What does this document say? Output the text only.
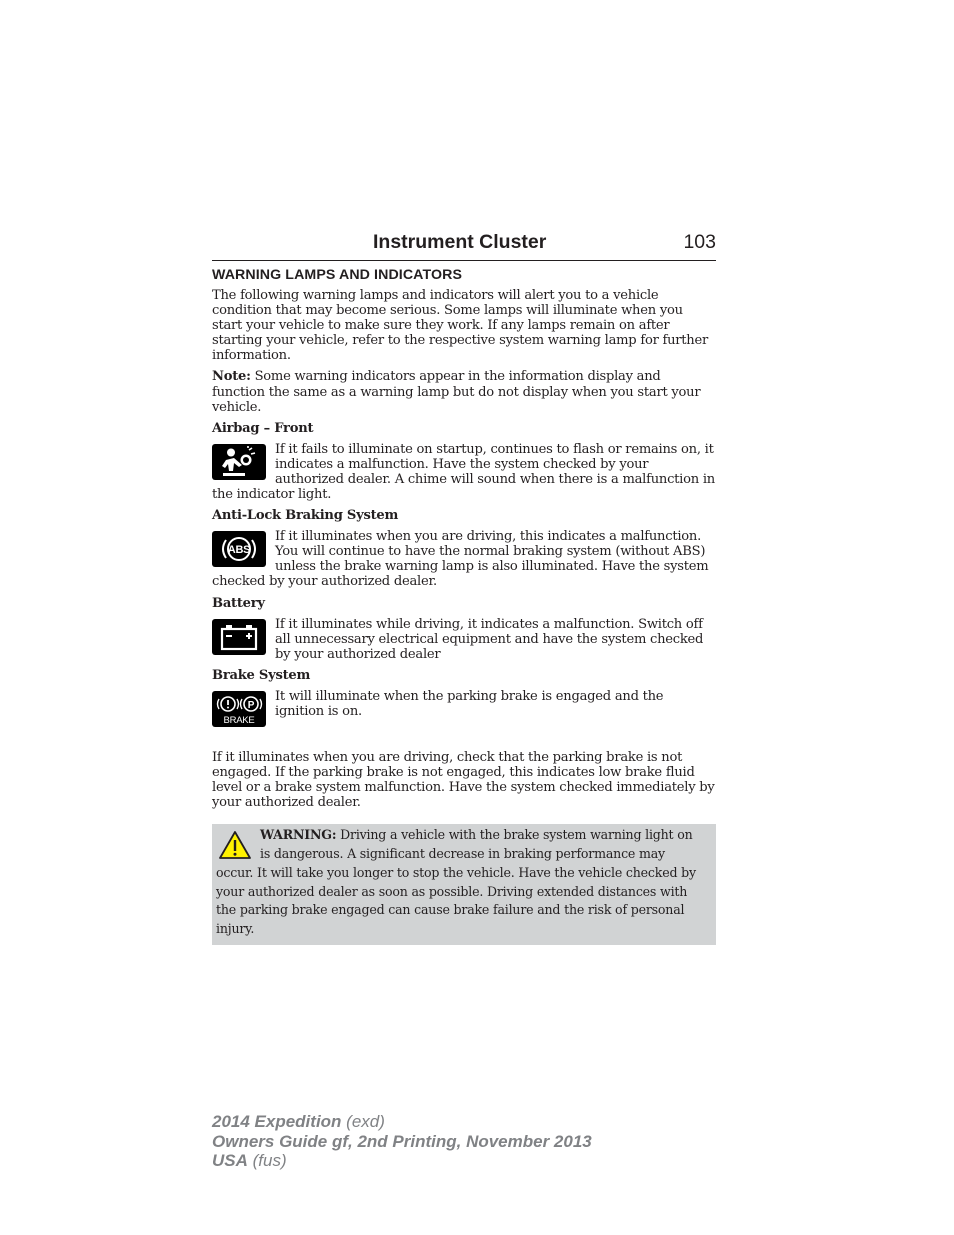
Instrument Cluster	103
WARNING LAMPS AND INDICATORS

The following warning lamps and indicators will alert you to a vehicle condition that may become serious. Some lamps will illuminate when you start your vehicle to make sure they work. If any lamps remain on after starting your vehicle, refer to the respective system warning lamp for further information.

Note: Some warning indicators appear in the information display and function the same as a warning lamp but do not display when you start your vehicle.

Airbag – Front
If it fails to illuminate on startup, continues to flash or remains on, it indicates a malfunction. Have the system checked by your authorized dealer. A chime will sound when there is a malfunction in the indicator light.
Anti-Lock Braking System
ABS
If it illuminates when you are driving, this indicates a malfunction. You will continue to have the normal braking system (without ABS) unless the brake warning lamp is also illuminated. Have the system checked by your authorized dealer.
Battery
If it illuminates while driving, it indicates a malfunction. Switch off all unnecessary electrical equipment and have the system checked by your authorized dealer
Brake System
P
BRAKE
It will illuminate when the parking brake is engaged and the ignition is on.

If it illuminates when you are driving, check that the parking brake is not engaged. If the parking brake is not engaged, this indicates low brake fluid level or a brake system malfunction. Have the system checked immediately by your authorized dealer.

WARNING: Driving a vehicle with the brake system warning light on is dangerous. A significant decrease in braking performance may occur. It will take you longer to stop the vehicle. Have the vehicle checked by your authorized dealer as soon as possible. Driving extended distances with the parking brake engaged can cause brake failure and the risk of personal injury.
2014 Expedition (exd)
Owners Guide gf, 2nd Printing, November 2013
USA (fus)
